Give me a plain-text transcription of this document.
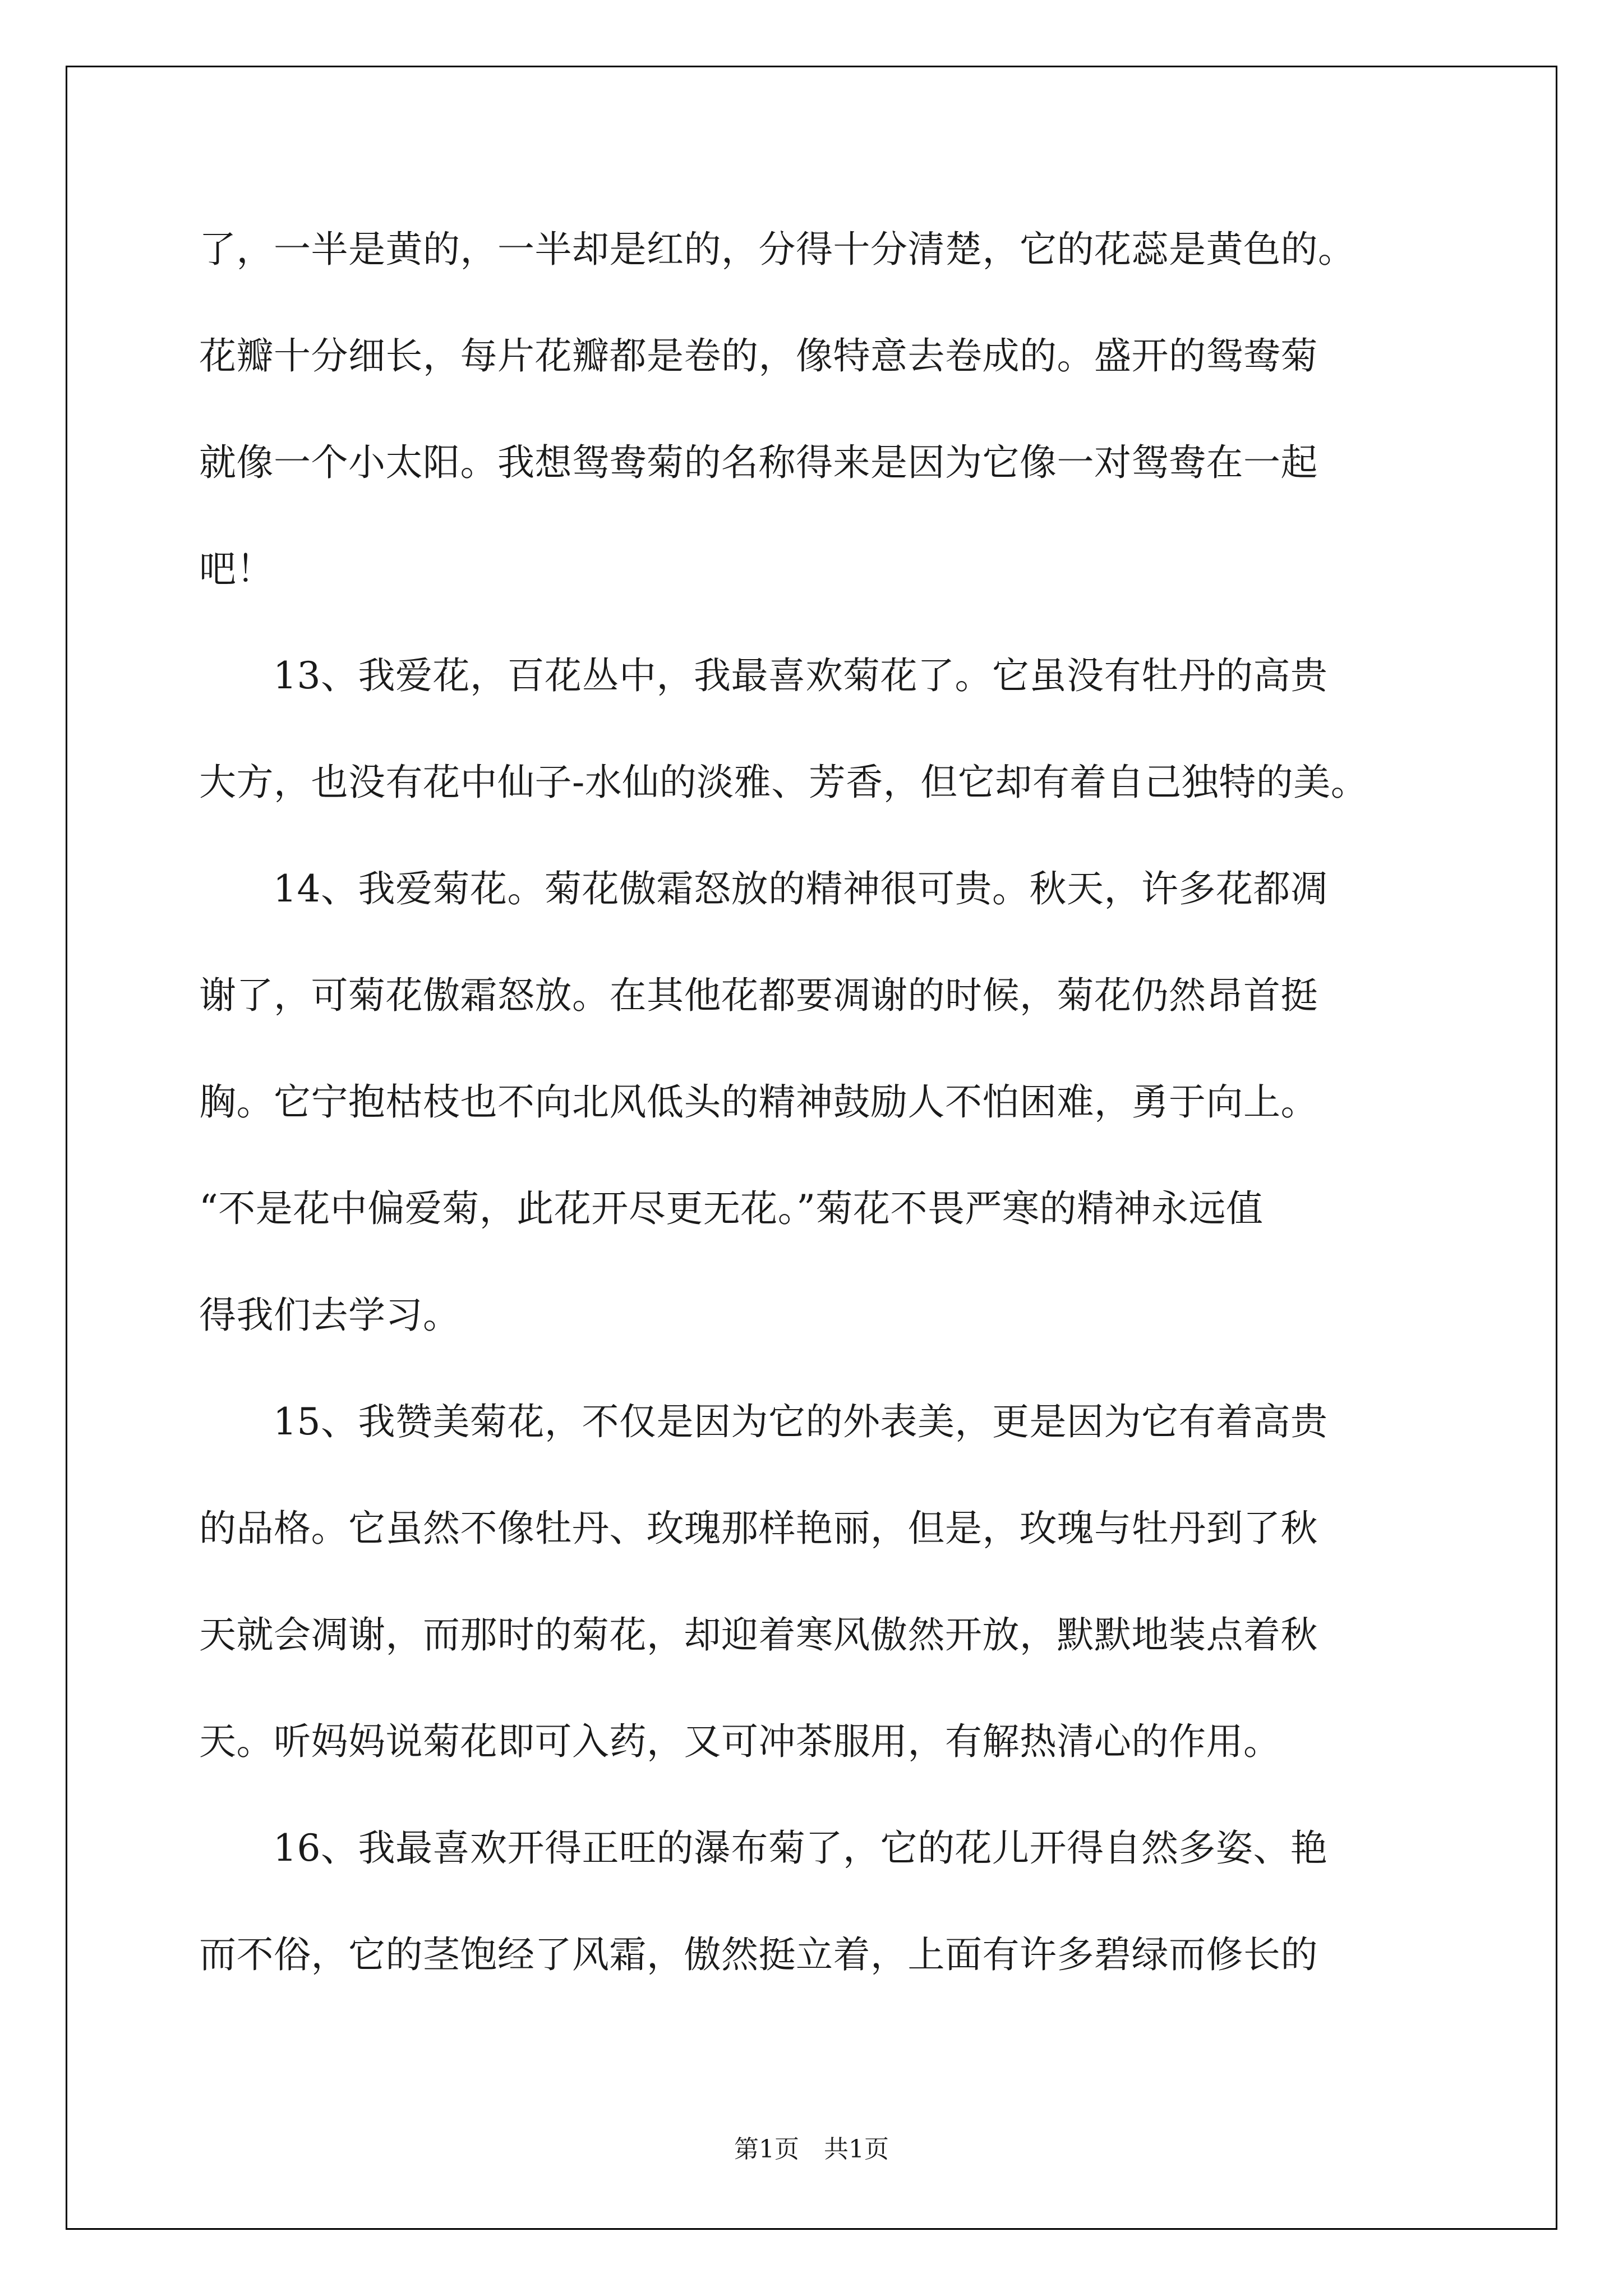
了，一半是黄的，一半却是红的，分得十分清楚，它的花蕊是黄色的。
花瓣十分细长，每片花瓣都是卷的，像特意去卷成的。盛开的鸳鸯菊
就像一个小太阳。我想鸳鸯菊的名称得来是因为它像一对鸳鸯在一起
吧！
13、我爱花，百花丛中，我最喜欢菊花了。它虽没有牡丹的高贵
大方，也没有花中仙子-水仙的淡雅、芳香，但它却有着自己独特的美。
14、我爱菊花。菊花傲霜怒放的精神很可贵。秋天，许多花都凋
谢了，可菊花傲霜怒放。在其他花都要凋谢的时候，菊花仍然昂首挺
胸。它宁抱枯枝也不向北风低头的精神鼓励人不怕困难，勇于向上。
“不是花中偏爱菊，此花开尽更无花。”菊花不畏严寒的精神永远值
得我们去学习。
15、我赞美菊花，不仅是因为它的外表美，更是因为它有着高贵
的品格。它虽然不像牡丹、玫瑰那样艳丽，但是，玫瑰与牡丹到了秋
天就会凋谢，而那时的菊花，却迎着寒风傲然开放，默默地装点着秋
天。听妈妈说菊花即可入药，又可冲茶服用，有解热清心的作用。
16、我最喜欢开得正旺的瀑布菊了，它的花儿开得自然多姿、艳
而不俗，它的茎饱经了风霜，傲然挺立着，上面有许多碧绿而修长的
第1页　共1页
